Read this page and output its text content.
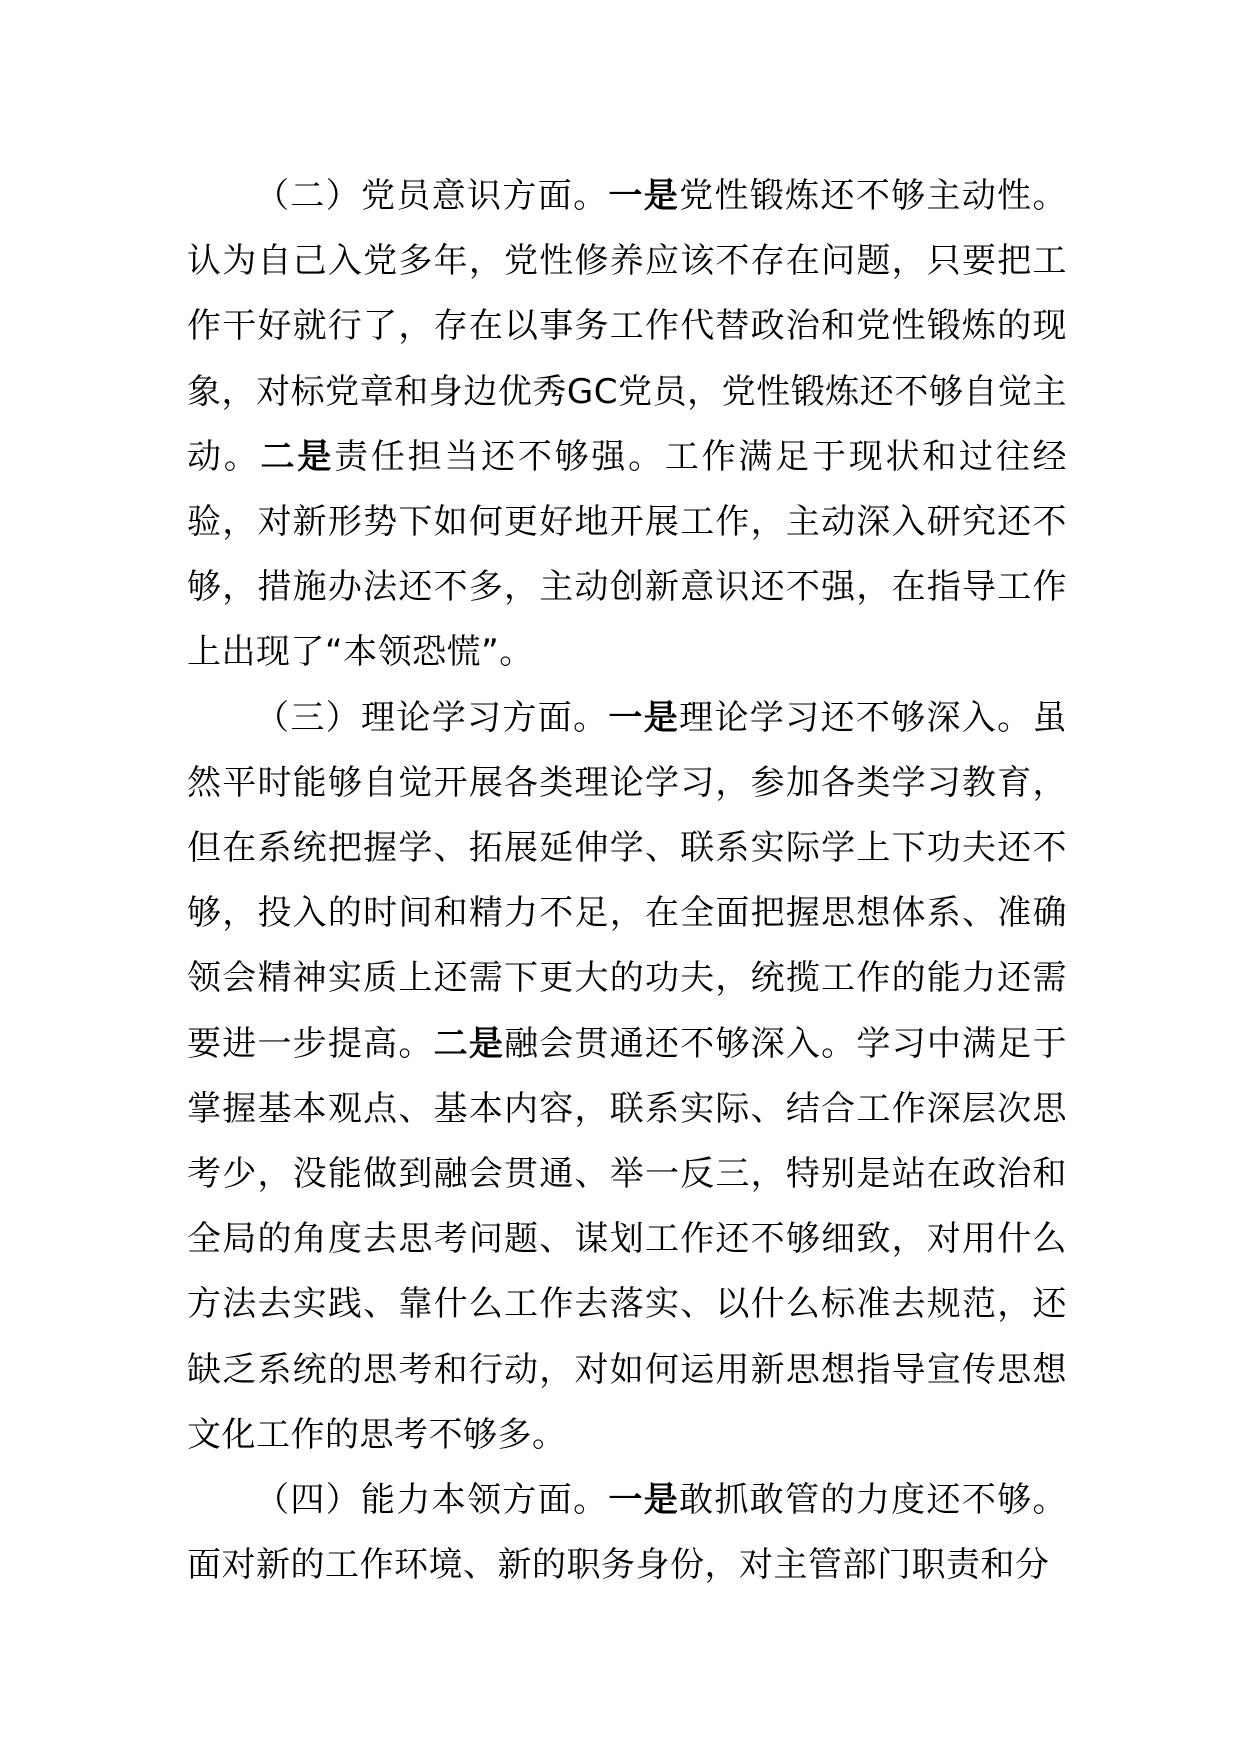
（二）党员意识方面。一是党性锻炼还不够主动性。认为自己入党多年，党性修养应该不存在问题，只要把工作干好就行了，存在以事务工作代替政治和党性锻炼的现象，对标党章和身边优秀GC党员，党性锻炼还不够自觉主动。二是责任担当还不够强。工作满足于现状和过往经验，对新形势下如何更好地开展工作，主动深入研究还不够，措施办法还不多，主动创新意识还不强，在指导工作上出现了“本领恐慌”。

（三）理论学习方面。一是理论学习还不够深入。虽然平时能够自觉开展各类理论学习，参加各类学习教育，但在系统把握学、拓展延伸学、联系实际学上下功夫还不够，投入的时间和精力不足，在全面把握思想体系、准确领会精神实质上还需下更大的功夫，统揽工作的能力还需要进一步提高。二是融会贯通还不够深入。学习中满足于掌握基本观点、基本内容，联系实际、结合工作深层次思考少，没能做到融会贯通、举一反三，特别是站在政治和全局的角度去思考问题、谋划工作还不够细致，对用什么方法去实践、靠什么工作去落实、以什么标准去规范，还缺乏系统的思考和行动，对如何运用新思想指导宣传思想文化工作的思考不够多。

（四）能力本领方面。一是敢抓敢管的力度还不够。面对新的工作环境、新的职务身份，对主管部门职责和分
